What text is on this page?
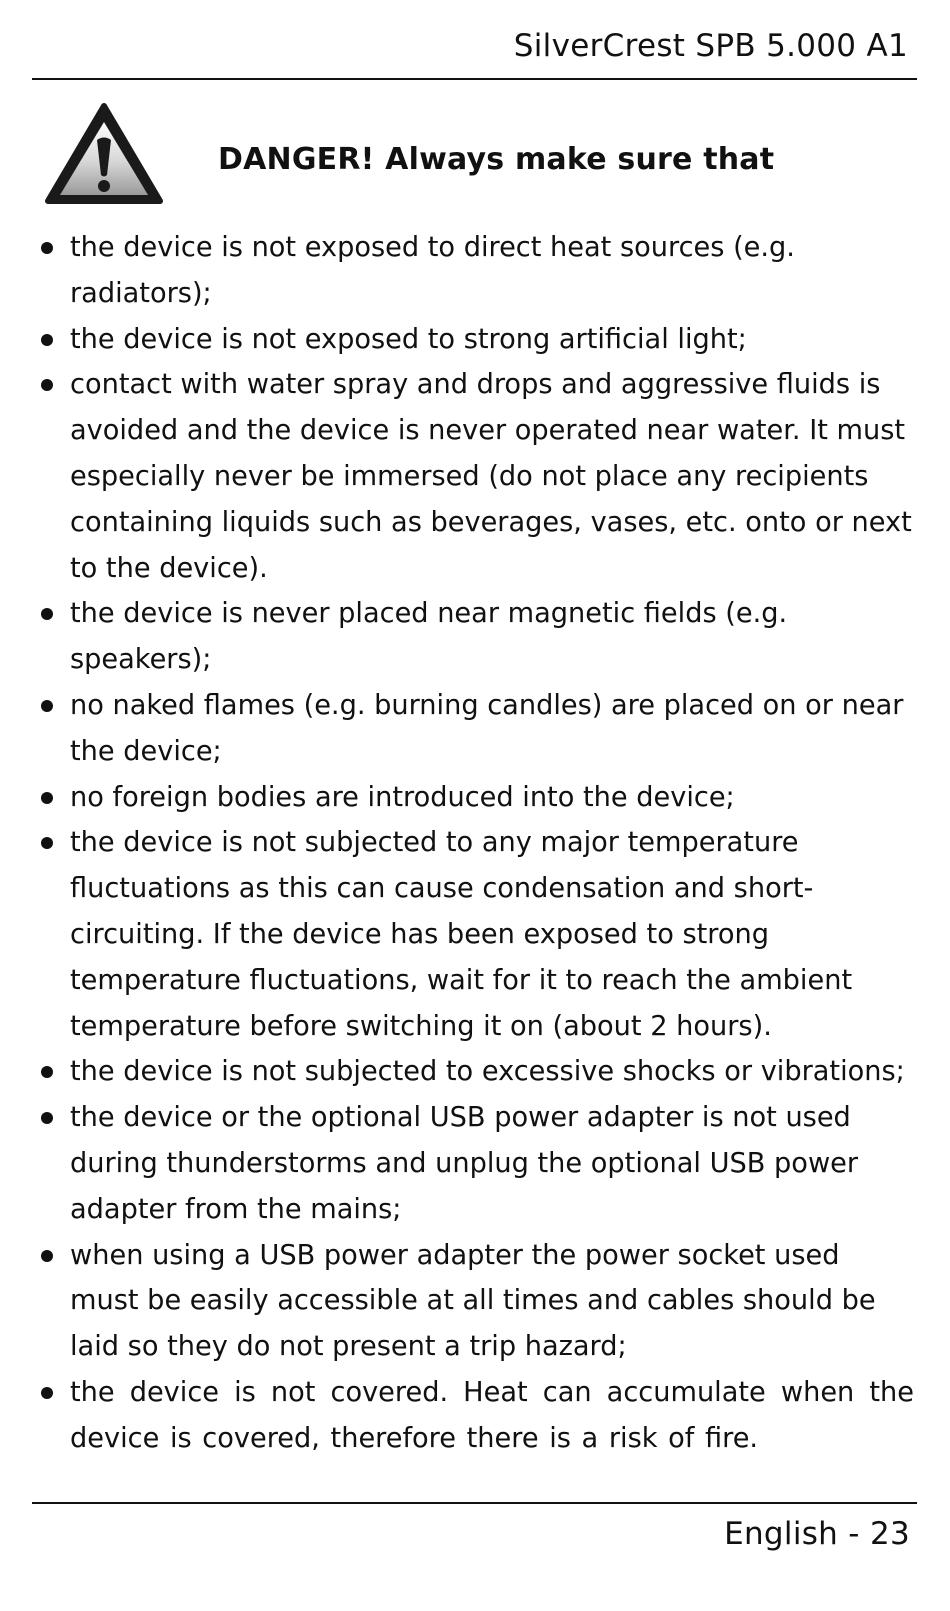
SilverCrest SPB 5.000 A1
DANGER! Always make sure that
the device is not exposed to direct heat sources (e.g. radiators);
the device is not exposed to strong artificial light;
contact with water spray and drops and aggressive fluids is avoided and the device is never operated near water. It must especially never be immersed (do not place any recipients containing liquids such as beverages, vases, etc. onto or next to the device).
the device is never placed near magnetic fields (e.g. speakers);
no naked flames (e.g. burning candles) are placed on or near the device;
no foreign bodies are introduced into the device;
the device is not subjected to any major temperature fluctuations as this can cause condensation and short-circuiting. If the device has been exposed to strong temperature fluctuations, wait for it to reach the ambient temperature before switching it on (about 2 hours).
the device is not subjected to excessive shocks or vibrations;
the device or the optional USB power adapter is not used during thunderstorms and unplug the optional USB power adapter from the mains;
when using a USB power adapter the power socket used must be easily accessible at all times and cables should be laid so they do not present a trip hazard;
the device is not covered. Heat can accumulate when the device is covered, therefore there is a risk of fire.
English - 23
